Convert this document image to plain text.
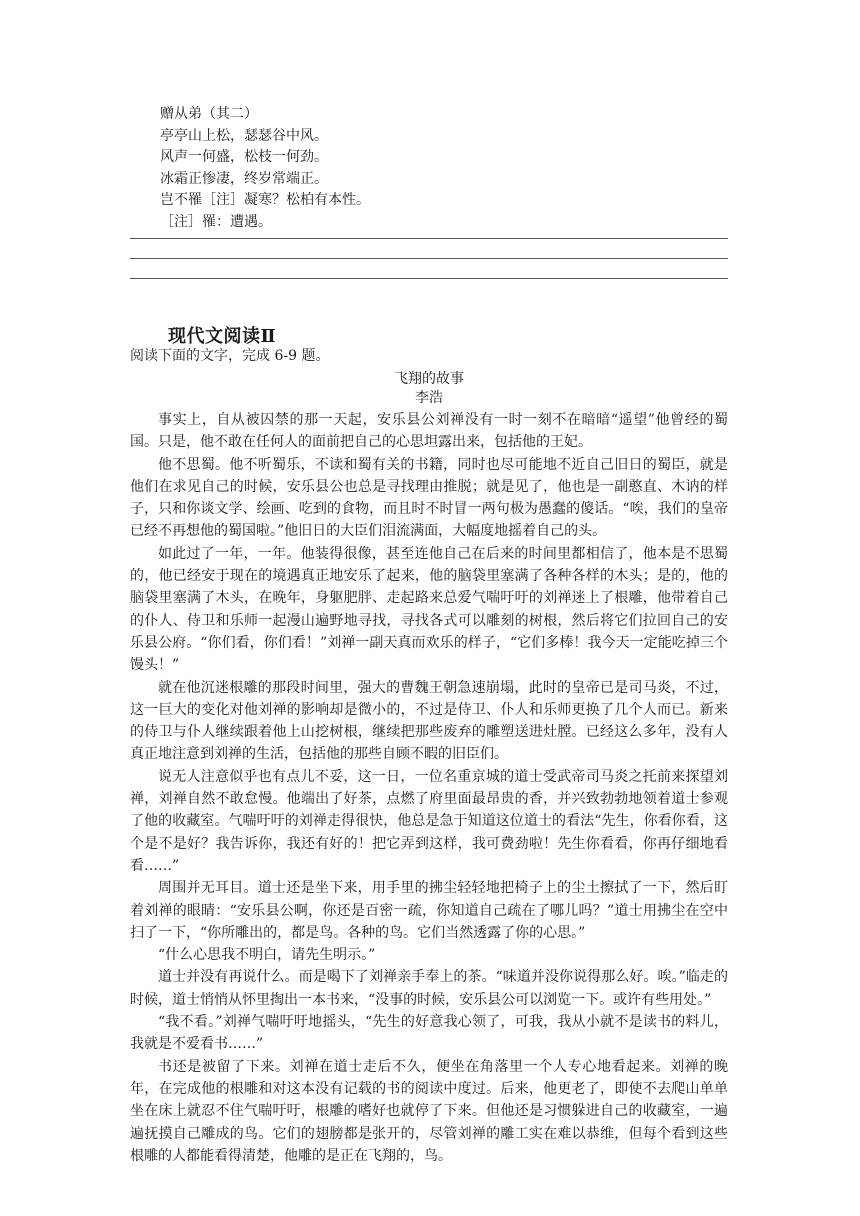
赠从弟（其二）
亭亭山上松，瑟瑟谷中风。
风声一何盛，松枝一何劲。
冰霜正惨凄，终岁常端正。
岂不罹［注］凝寒？松柏有本性。
［注］罹：遭遇。
现代文阅读Ⅱ
阅读下面的文字，完成 6-9 题。
飞翔的故事
李浩

事实上，自从被囚禁的那一天起，安乐县公刘禅没有一时一刻不在暗暗“遥望”他曾经的蜀国。只是，他不敢在任何人的面前把自己的心思坦露出来，包括他的王妃。

他不思蜀。他不听蜀乐，不读和蜀有关的书籍，同时也尽可能地不近自己旧日的蜀臣，就是他们在求见自己的时候，安乐县公也总是寻找理由推脱；就是见了，他也是一副憨直、木讷的样子，只和你谈文学、绘画、吃到的食物，而且时不时冒一两句极为愚蠢的傻话。“唉，我们的皇帝已经不再想他的蜀国啦。”他旧日的大臣们泪流满面，大幅度地摇着自己的头。

如此过了一年，一年。他装得很像，甚至连他自己在后来的时间里都相信了，他本是不思蜀的，他已经安于现在的境遇真正地安乐了起来，他的脑袋里塞满了各种各样的木头；是的，他的脑袋里塞满了木头，在晚年，身躯肥胖、走起路来总爱气喘吁吁的刘禅迷上了根雕，他带着自己的仆人、侍卫和乐师一起漫山遍野地寻找，寻找各式可以雕刻的树根，然后将它们拉回自己的安乐县公府。“你们看，你们看！”刘禅一副天真而欢乐的样子，“它们多棒！我今天一定能吃掉三个馒头！”

就在他沉迷根雕的那段时间里，强大的曹魏王朝急速崩塌，此时的皇帝已是司马炎，不过，这一巨大的变化对他刘禅的影响却是微小的，不过是侍卫、仆人和乐师更换了几个人而已。新来的侍卫与仆人继续跟着他上山挖树根，继续把那些废弃的雕塑送进灶膛。已经这么多年，没有人真正地注意到刘禅的生活，包括他的那些自顾不暇的旧臣们。

说无人注意似乎也有点儿不妥，这一日，一位名重京城的道士受武帝司马炎之托前来探望刘禅，刘禅自然不敢怠慢。他端出了好茶，点燃了府里面最昂贵的香，并兴致勃勃地领着道士参观了他的收藏室。气喘吁吁的刘禅走得很快，他总是急于知道这位道士的看法“先生，你看你看，这个是不是好？我告诉你，我还有好的！把它弄到这样，我可费劲啦！先生你看看，你再仔细地看看……”

周围并无耳目。道士还是坐下来，用手里的拂尘轻轻地把椅子上的尘土擦拭了一下，然后盯着刘禅的眼睛：“安乐县公啊，你还是百密一疏，你知道自己疏在了哪儿吗？”道士用拂尘在空中扫了一下，“你所雕出的，都是鸟。各种的鸟。它们当然透露了你的心思。”

“什么心思我不明白，请先生明示。”

道士并没有再说什么。而是喝下了刘禅亲手奉上的茶。“味道并没你说得那么好。唉。”临走的时候，道士悄悄从怀里掏出一本书来，“没事的时候，安乐县公可以浏览一下。或许有些用处。”

“我不看。”刘禅气喘吁吁地摇头，“先生的好意我心领了，可我，我从小就不是读书的料儿，我就是不爱看书……”

书还是被留了下来。刘禅在道士走后不久，便坐在角落里一个人专心地看起来。刘禅的晚年，在完成他的根雕和对这本没有记载的书的阅读中度过。后来，他更老了，即使不去爬山单单坐在床上就忍不住气喘吁吁，根雕的嗜好也就停了下来。但他还是习惯躲进自己的收藏室，一遍遍抚摸自己雕成的鸟。它们的翅膀都是张开的，尽管刘禅的雕工实在难以恭维，但每个看到这些根雕的人都能看得清楚，他雕的是正在飞翔的，鸟。
